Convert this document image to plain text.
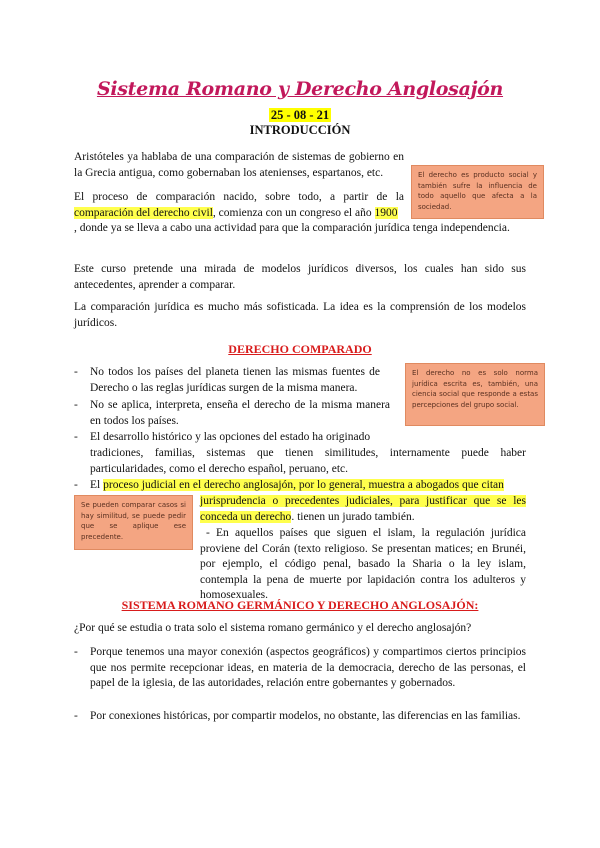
Sistema Romano y Derecho Anglosajón
25 - 08 - 21
INTRODUCCIÓN

Aristóteles ya hablaba de una comparación de sistemas de gobierno en la Grecia antigua, como gobernaban los atenienses, espartanos, etc.

El proceso de comparación nacido, sobre todo, a partir de la comparación del derecho civil, comienza con un congreso el año 1900

, donde ya se lleva a cabo una actividad para que la comparación jurídica tenga independencia.

Este curso pretende una mirada de modelos jurídicos diversos, los cuales han sido sus antecedentes, aprender a comparar.

La comparación jurídica es mucho más sofisticada. La idea es la comprensión de los modelos jurídicos.

El derecho es producto social y también sufre la influencia de todo aquello que afecta a la sociedad.
DERECHO COMPARADO
- No todos los países del planeta tienen las mismas fuentes de Derecho o las reglas jurídicas surgen de la misma manera.

- No se aplica, interpreta, enseña el derecho de la misma manera en todos los países.

- El desarrollo histórico y las opciones del estado ha originado

tradiciones, familias, sistemas que tienen similitudes, internamente puede haber particularidades, como el derecho español, peruano, etc.

El derecho no es solo norma jurídica escrita es, también, una ciencia social que responde a estas percepciones del grupo social.
- El proceso judicial en el derecho anglosajón, por lo general, muestra a abogados que citan

jurisprudencia o precedentes judiciales, para justificar que se les conceda un derecho. tienen un jurado también.

Se pueden comparar casos si hay similitud, se puede pedir que se aplique ese precedente.	- En aquellos países que siguen el islam, la regulación jurídica proviene del Corán (texto religioso. Se presentan matices; en Brunéi, por ejemplo, el código penal, basado la Sharia o la ley islam, contempla la pena de muerte por lapidación contra los adulteros y homosexuales.

SISTEMA ROMANO GERMÁNICO Y DERECHO ANGLOSAJÓN:

¿Por qué se estudia o trata solo el sistema romano germánico y el derecho anglosajón?

- Porque tenemos una mayor conexión (aspectos geográficos) y compartimos ciertos principios que nos permite recepcionar ideas, en materia de la democracia, derecho de las personas, el papel de la iglesia, de las autoridades, relación entre gobernantes y gobernados.

- Por conexiones históricas, por compartir modelos, no obstante, las diferencias en las familias.
